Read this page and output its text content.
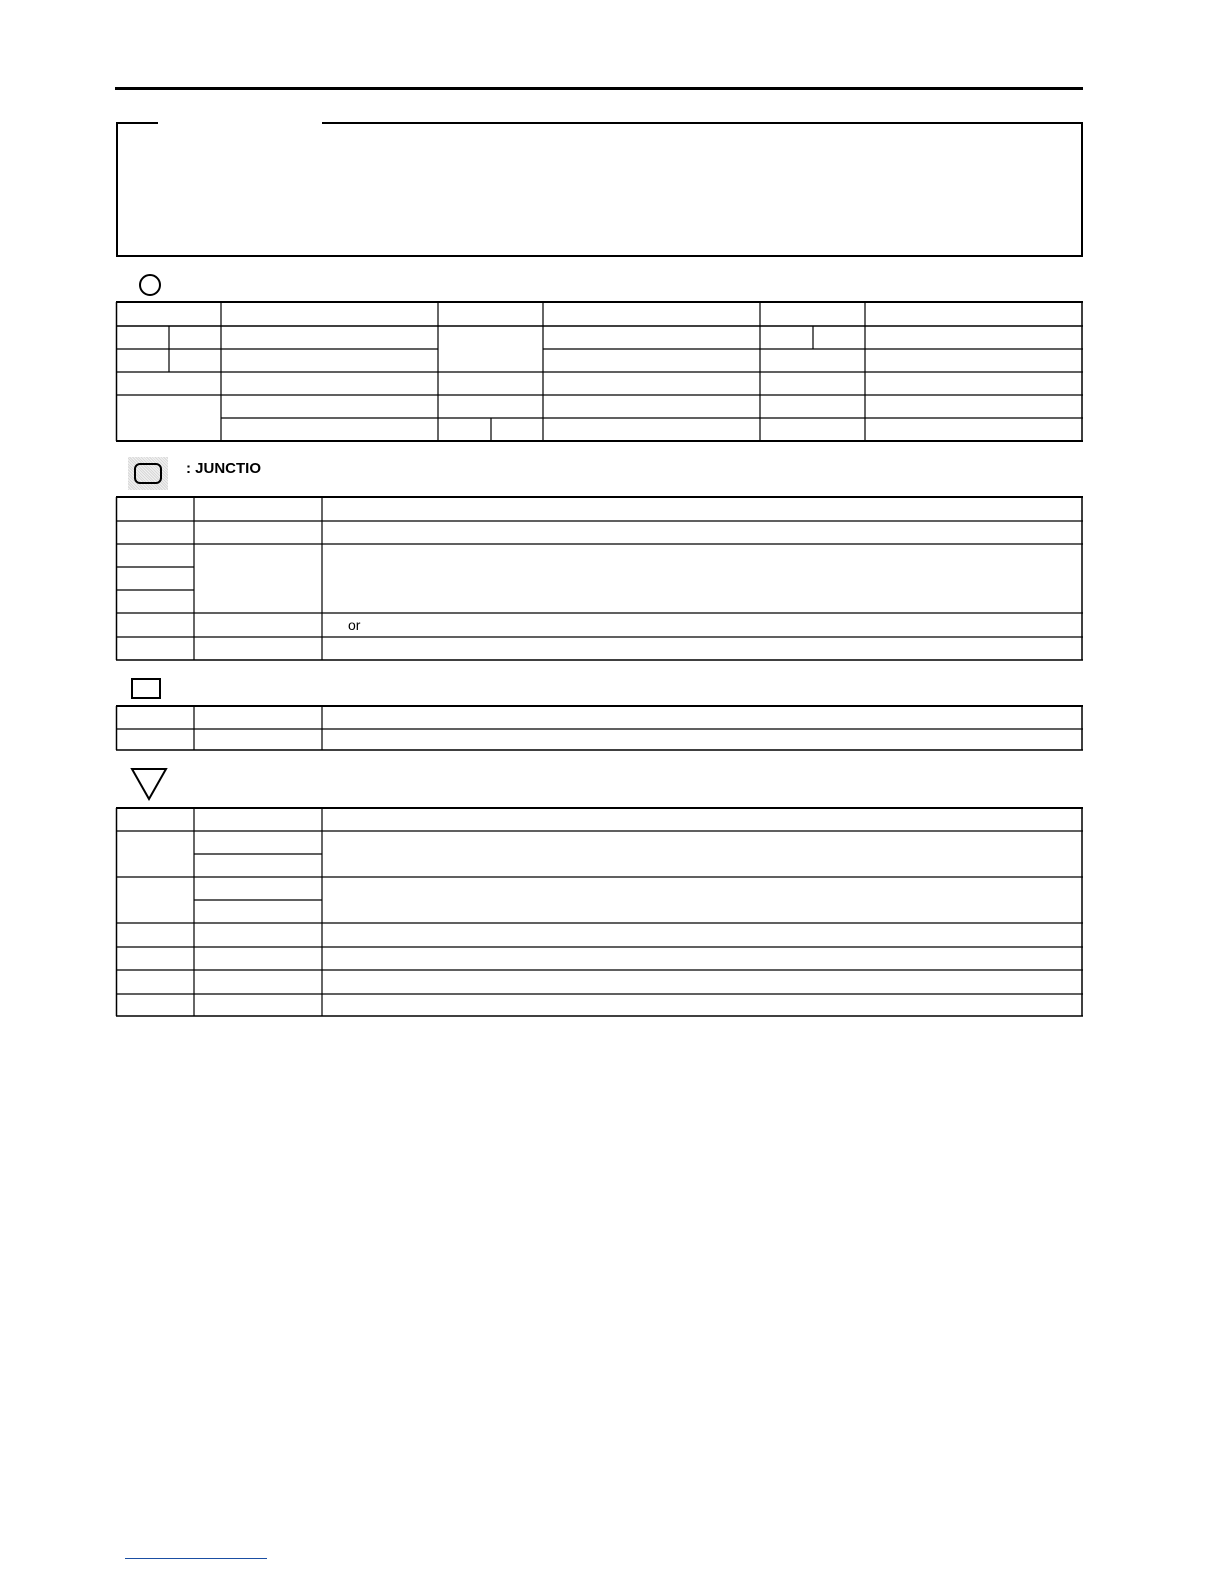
: JUNCTIO
or
